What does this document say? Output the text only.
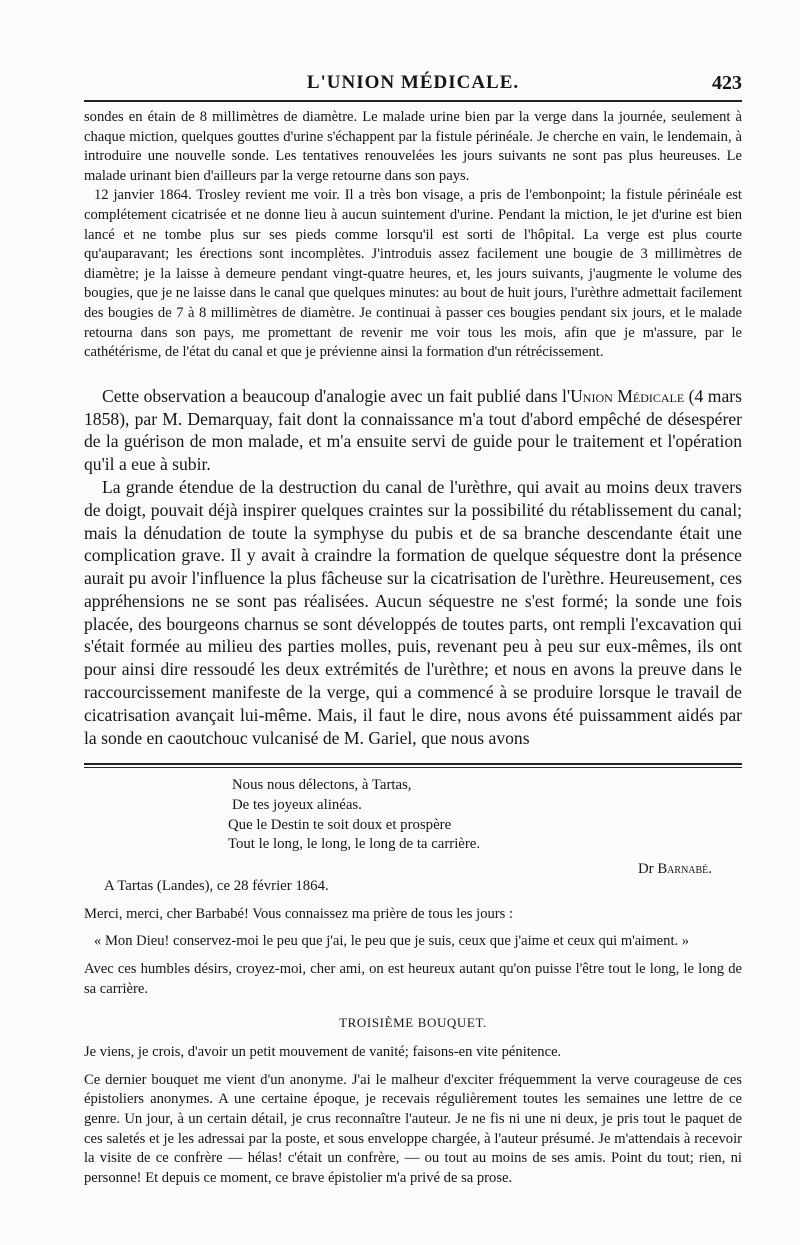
L'UNION MÉDICALE.	423

sondes en étain de 8 millimètres de diamètre. Le malade urine bien par la verge dans la journée, seulement à chaque miction, quelques gouttes d'urine s'échappent par la fistule périnéale. Je cherche en vain, le lendemain, à introduire une nouvelle sonde. Les tentatives renouvelées les jours suivants ne sont pas plus heureuses. Le malade urinant bien d'ailleurs par la verge retourne dans son pays.

12 janvier 1864. Trosley revient me voir. Il a très bon visage, a pris de l'embonpoint; la fistule périnéale est complétement cicatrisée et ne donne lieu à aucun suintement d'urine. Pendant la miction, le jet d'urine est bien lancé et ne tombe plus sur ses pieds comme lorsqu'il est sorti de l'hôpital. La verge est plus courte qu'auparavant; les érections sont incomplètes. J'introduis assez facilement une bougie de 3 millimètres de diamètre; je la laisse à demeure pendant vingt-quatre heures, et, les jours suivants, j'augmente le volume des bougies, que je ne laisse dans le canal que quelques minutes: au bout de huit jours, l'urèthre admettait facilement des bougies de 7 à 8 millimètres de diamètre. Je continuai à passer ces bougies pendant six jours, et le malade retourna dans son pays, me promettant de revenir me voir tous les mois, afin que je m'assure, par le cathétérisme, de l'état du canal et que je prévienne ainsi la formation d'un rétrécissement.

Cette observation a beaucoup d'analogie avec un fait publié dans l'Union Médicale (4 mars 1858), par M. Demarquay, fait dont la connaissance m'a tout d'abord empêché de désespérer de la guérison de mon malade, et m'a ensuite servi de guide pour le traitement et l'opération qu'il a eue à subir.

La grande étendue de la destruction du canal de l'urèthre, qui avait au moins deux travers de doigt, pouvait déjà inspirer quelques craintes sur la possibilité du rétablissement du canal; mais la dénudation de toute la symphyse du pubis et de sa branche descendante était une complication grave. Il y avait à craindre la formation de quelque séquestre dont la présence aurait pu avoir l'influence la plus fâcheuse sur la cicatrisation de l'urèthre. Heureusement, ces appréhensions ne se sont pas réalisées. Aucun séquestre ne s'est formé; la sonde une fois placée, des bourgeons charnus se sont développés de toutes parts, ont rempli l'excavation qui s'était formée au milieu des parties molles, puis, revenant peu à peu sur eux-mêmes, ils ont pour ainsi dire ressoudé les deux extrémités de l'urèthre; et nous en avons la preuve dans le raccourcissement manifeste de la verge, qui a commencé à se produire lorsque le travail de cicatrisation avançait lui-même. Mais, il faut le dire, nous avons été puissamment aidés par la sonde en caoutchouc vulcanisé de M. Gariel, que nous avons

Nous nous délectons, à Tartas,
De tes joyeux alinéas.
Que le Destin te soit doux et prospère
Tout le long, le long, le long de ta carrière.
Dr Barnabé.
A Tartas (Landes), ce 28 février 1864.

Merci, merci, cher Barbabé! Vous connaissez ma prière de tous les jours :

« Mon Dieu! conservez-moi le peu que j'ai, le peu que je suis, ceux que j'aime et ceux qui m'aiment. »

Avec ces humbles désirs, croyez-moi, cher ami, on est heureux autant qu'on puisse l'être tout le long, le long de sa carrière.

TROISIÈME BOUQUET.

Je viens, je crois, d'avoir un petit mouvement de vanité; faisons-en vite pénitence.

Ce dernier bouquet me vient d'un anonyme. J'ai le malheur d'exciter fréquemment la verve courageuse de ces épistoliers anonymes. A une certaine époque, je recevais régulièrement toutes les semaines une lettre de ce genre. Un jour, à un certain détail, je crus reconnaître l'auteur. Je ne fis ni une ni deux, je pris tout le paquet de ces saletés et je les adressai par la poste, et sous enveloppe chargée, à l'auteur présumé. Je m'attendais à recevoir la visite de ce confrère — hélas! c'était un confrère, — ou tout au moins de ses amis. Point du tout; rien, ni personne! Et depuis ce moment, ce brave épistolier m'a privé de sa prose.
